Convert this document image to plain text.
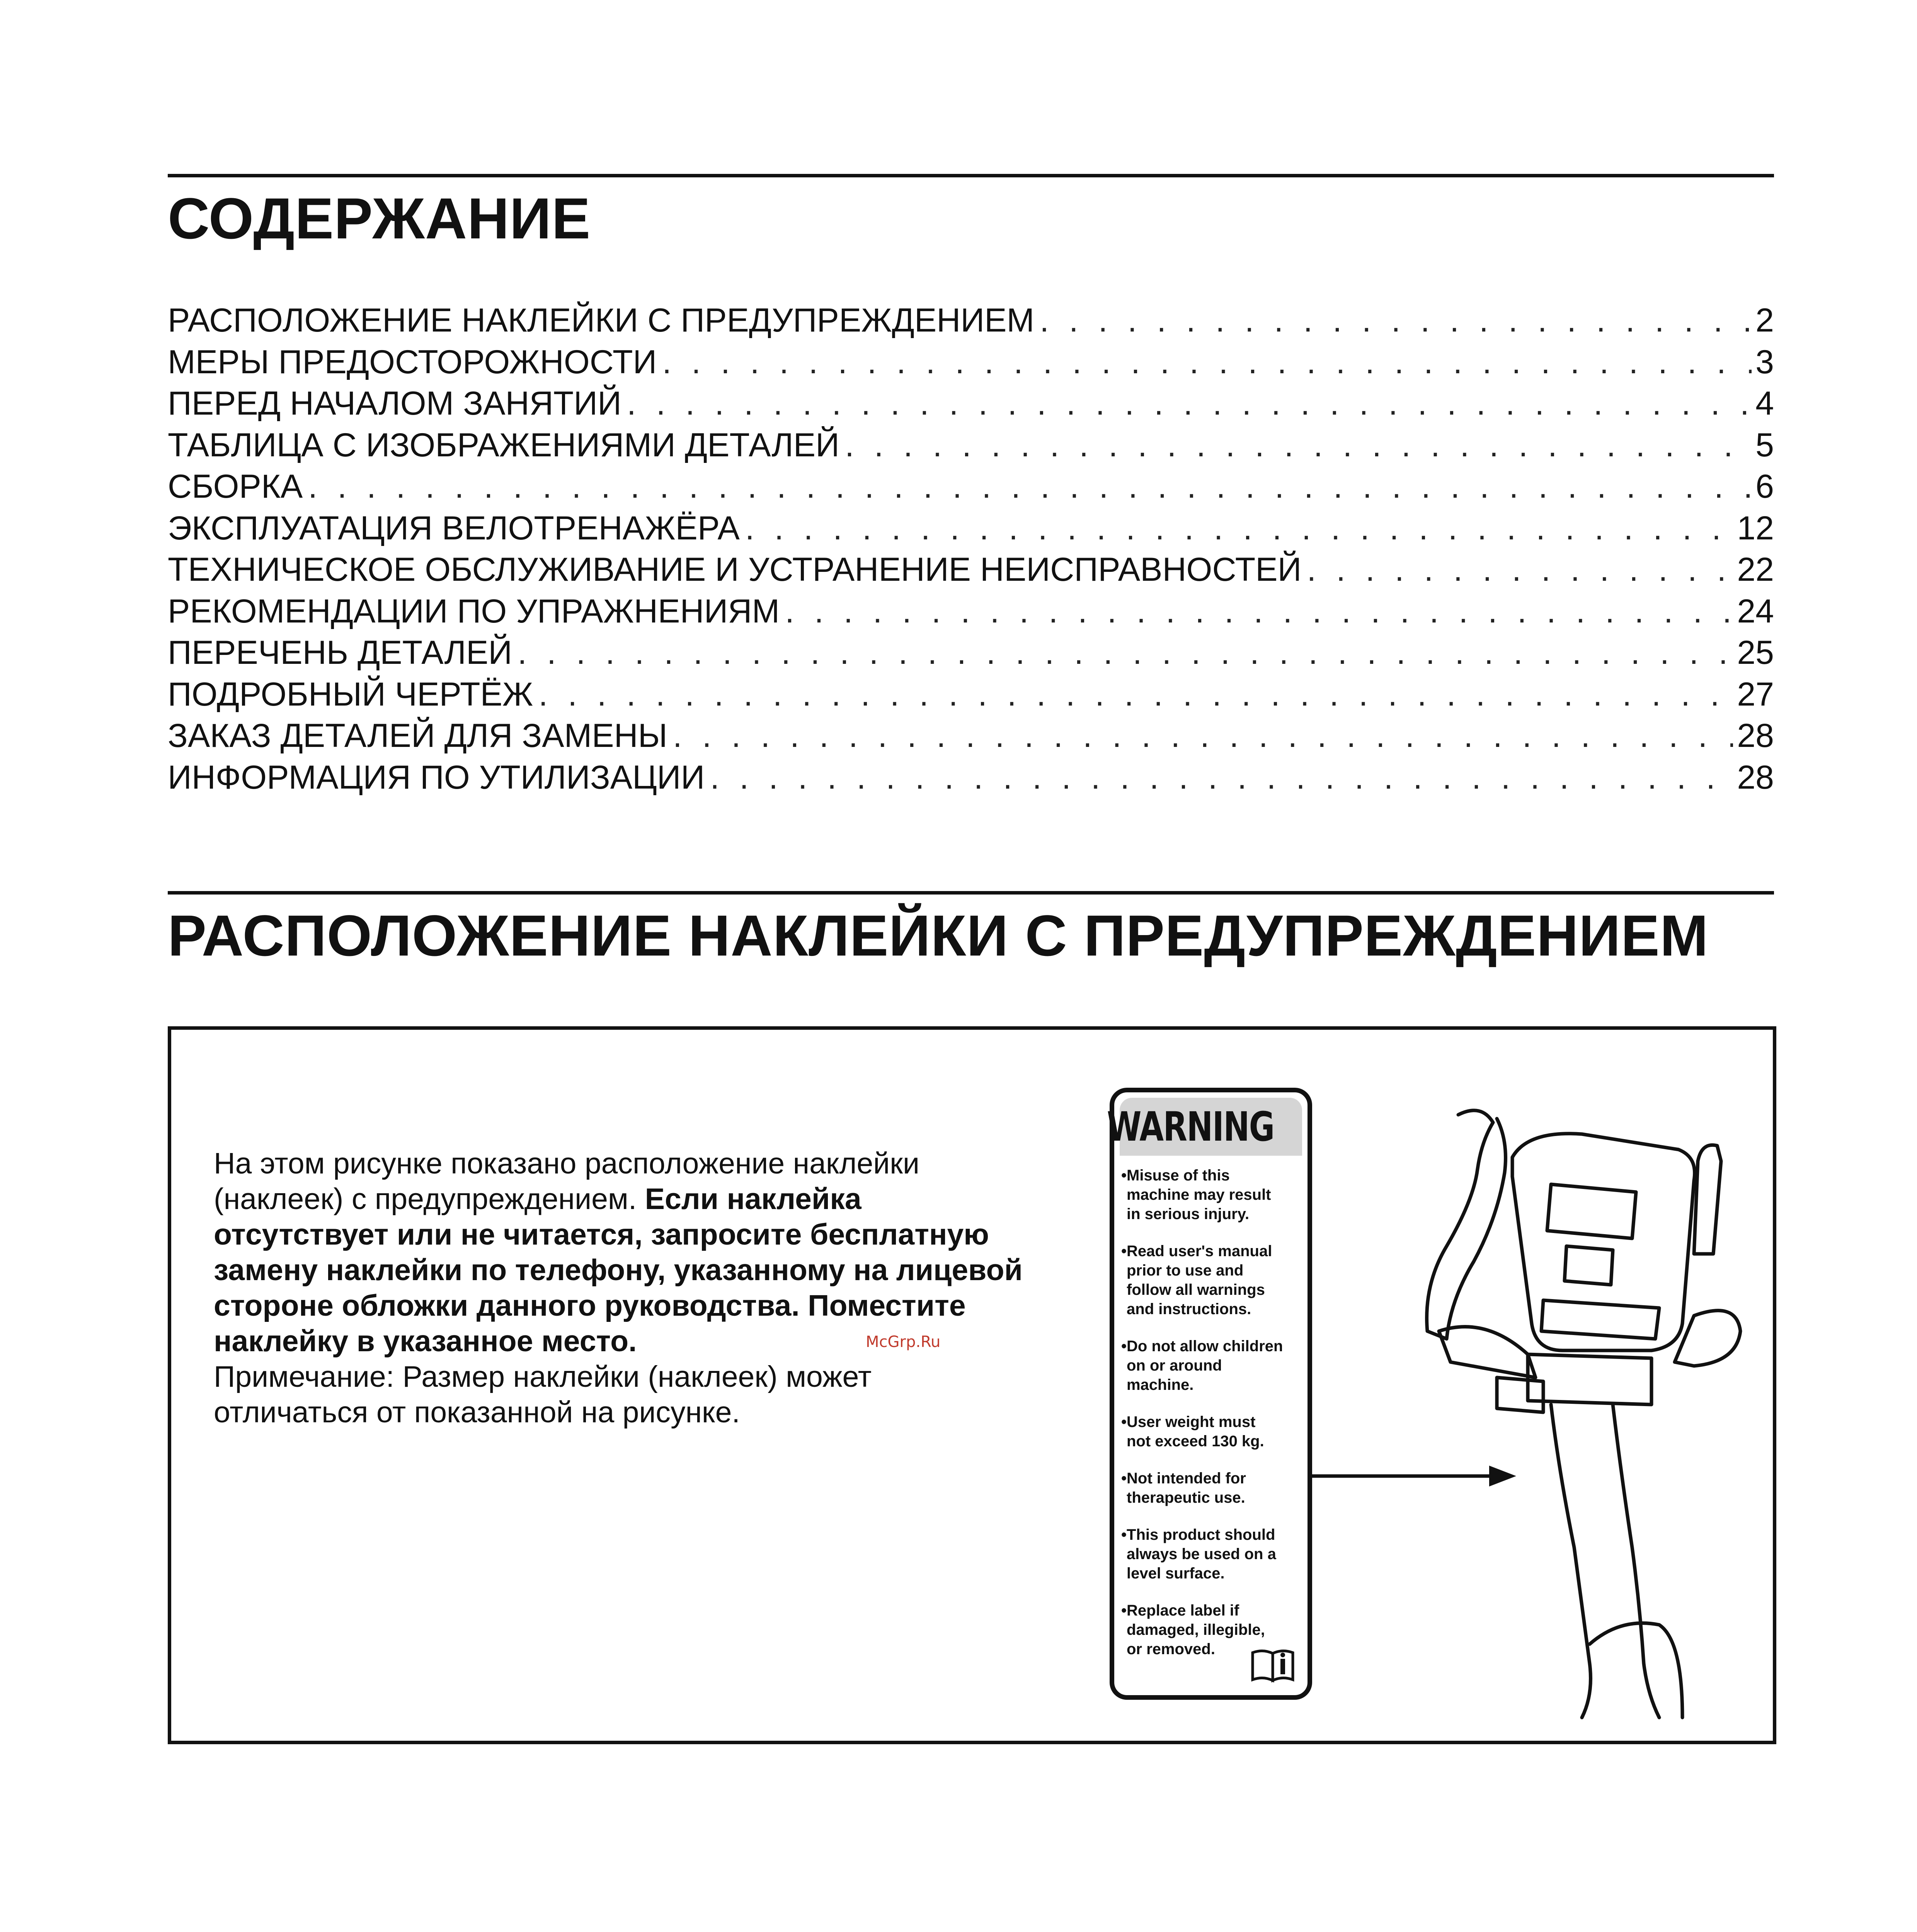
СОДЕРЖАНИЕ
РАСПОЛОЖЕНИЕ НАКЛЕЙКИ С ПРЕДУПРЕЖДЕНИЕМ . . .	2
МЕРЫ ПРЕДОСТОРОЖНОСТИ . . .	3
ПЕРЕД НАЧАЛОМ ЗАНЯТИЙ . . .	4
ТАБЛИЦА С ИЗОБРАЖЕНИЯМИ ДЕТАЛЕЙ . . .	5
СБОРКА . . .	6
ЭКСПЛУАТАЦИЯ ВЕЛОТРЕНАЖЁРА . . .	12
ТЕХНИЧЕСКОЕ ОБСЛУЖИВАНИЕ И УСТРАНЕНИЕ НЕИСПРАВНОСТЕЙ . . .	22
РЕКОМЕНДАЦИИ ПО УПРАЖНЕНИЯМ . . .	24
ПЕРЕЧЕНЬ ДЕТАЛЕЙ . . .	25
ПОДРОБНЫЙ ЧЕРТЁЖ . . .	27
ЗАКАЗ ДЕТАЛЕЙ ДЛЯ ЗАМЕНЫ . . .	28
ИНФОРМАЦИЯ ПО УТИЛИЗАЦИИ . . .	28
РАСПОЛОЖЕНИЕ НАКЛЕЙКИ С ПРЕДУПРЕЖДЕНИЕМ

На этом рисунке показано расположение наклейки (наклеек) с предупреждением. Если наклейка отсутствует или не читается, запросите бесплатную замену наклейки по телефону, указанному на лицевой стороне обложки данного руководства. Поместите наклейку в указанное место.
Примечание: Размер наклейки (наклеек) может отличаться от показанной на рисунке.

WARNING
•Misuse of this machine may result in serious injury.
•Read user's manual prior to use and follow all warnings and instructions.
•Do not allow children on or around machine.
•User weight must not exceed 130 kg.
•Not intended for therapeutic use.
•This product should always be used on a level surface.
•Replace label if damaged, illegible, or removed.
McGrp.Ru
